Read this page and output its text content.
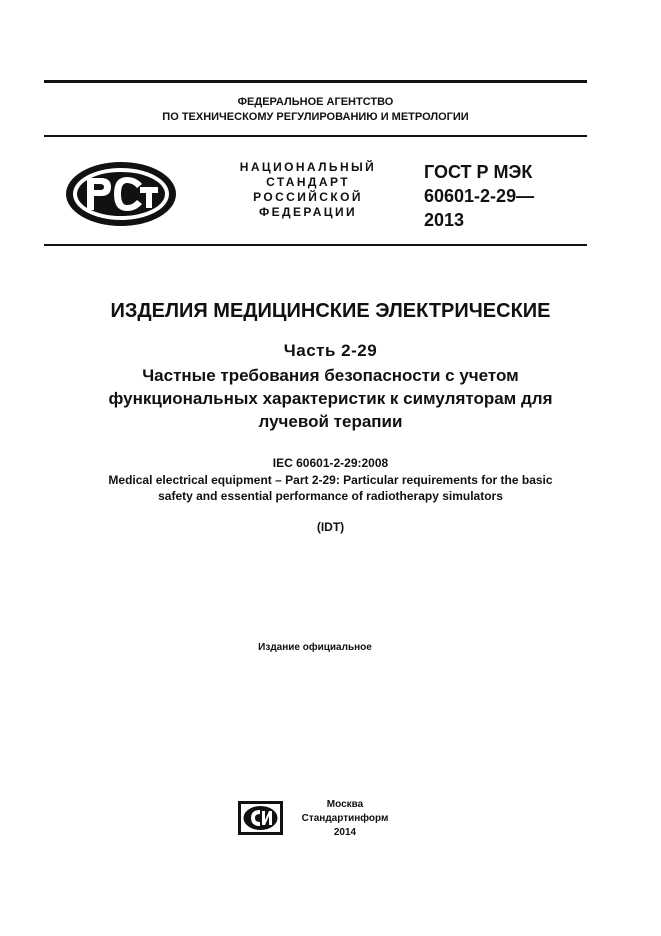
ФЕДЕРАЛЬНОЕ АГЕНТСТВО
ПО ТЕХНИЧЕСКОМУ РЕГУЛИРОВАНИЮ И МЕТРОЛОГИИ
НАЦИОНАЛЬНЫЙ
СТАНДАРТ
РОССИЙСКОЙ
ФЕДЕРАЦИИ
ГОСТ Р МЭК
60601-2-29—
2013
ИЗДЕЛИЯ МЕДИЦИНСКИЕ ЭЛЕКТРИЧЕСКИЕ
Часть 2-29
Частные требования безопасности с учетом
функциональных характеристик к симуляторам для
лучевой терапии
IEC 60601-2-29:2008
Medical electrical equipment – Part 2-29: Particular requirements for the basic
safety and essential performance of radiotherapy simulators
(IDT)
Издание официальное
Москва
Стандартинформ
2014
